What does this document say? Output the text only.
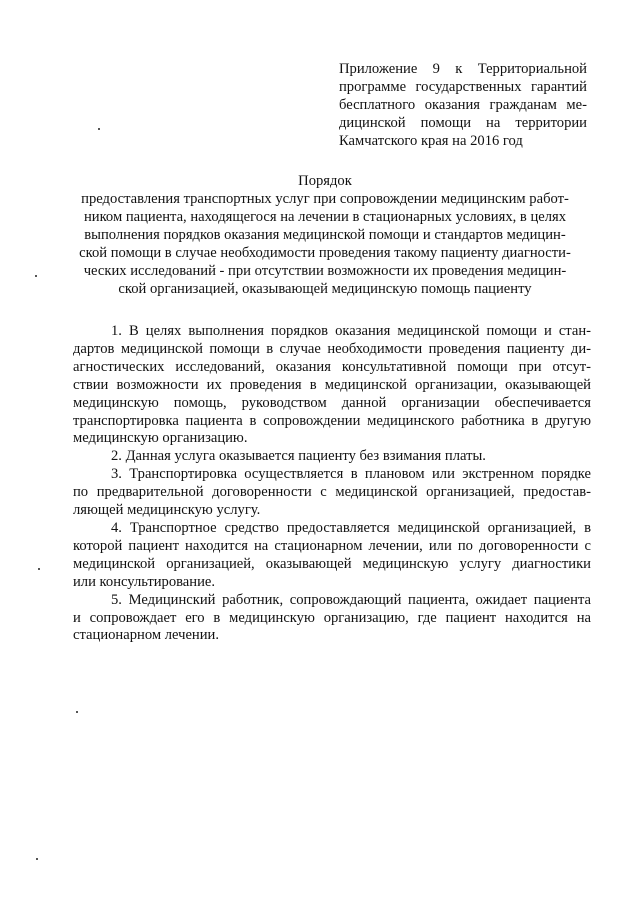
Приложение 9 к Территориальной
программе государственных гарантий
бесплатного оказания гражданам ме-
дицинской помощи на территории
Камчатского края на 2016 год
Порядок
предоставления транспортных услуг при сопровождении медицинским работ-
ником пациента, находящегося на лечении в стационарных условиях, в целях
выполнения порядков оказания медицинской помощи и стандартов медицин-
ской помощи в случае необходимости проведения такому пациенту диагности-
ческих исследований - при отсутствии возможности их проведения медицин-
ской организацией, оказывающей медицинскую помощь пациенту
1. В целях выполнения порядков оказания медицинской помощи и стан-
дартов медицинской помощи в случае необходимости проведения пациенту ди-
агностических исследований, оказания консультативной помощи при отсут-
ствии возможности их проведения в медицинской организации, оказывающей
медицинскую помощь, руководством данной организации обеспечивается
транспортировка пациента в сопровождении медицинского работника в другую
медицинскую организацию.
2. Данная услуга оказывается пациенту без взимания платы.
3. Транспортировка осуществляется в плановом или экстренном порядке
по предварительной договоренности с медицинской организацией, предостав-
ляющей медицинскую услугу.
4. Транспортное средство предоставляется медицинской организацией, в
которой пациент находится на стационарном лечении, или по договоренности с
медицинской организацией, оказывающей медицинскую услугу диагностики
или консультирование.
5. Медицинский работник, сопровождающий пациента, ожидает пациента
и сопровождает его в медицинскую организацию, где пациент находится на
стационарном лечении.
